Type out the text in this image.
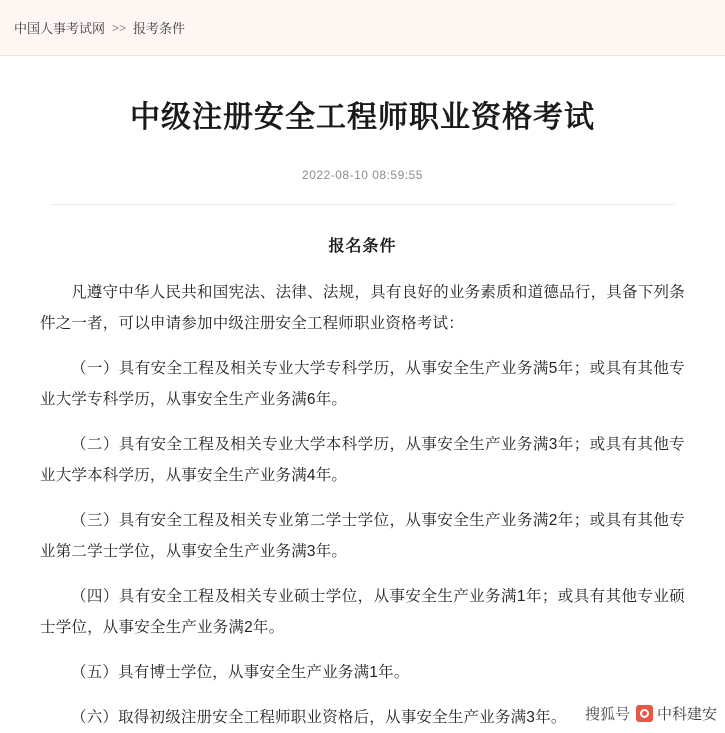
中国人事考试网 >> 报考条件
中级注册安全工程师职业资格考试
2022-08-10 08:59:55
报名条件

凡遵守中华人民共和国宪法、法律、法规，具有良好的业务素质和道德品行，具备下列条件之一者，可以申请参加中级注册安全工程师职业资格考试：

（一）具有安全工程及相关专业大学专科学历，从事安全生产业务满5年；或具有其他专业大学专科学历，从事安全生产业务满6年。

（二）具有安全工程及相关专业大学本科学历，从事安全生产业务满3年；或具有其他专业大学本科学历，从事安全生产业务满4年。

（三）具有安全工程及相关专业第二学士学位，从事安全生产业务满2年；或具有其他专业第二学士学位，从事安全生产业务满3年。

（四）具有安全工程及相关专业硕士学位，从事安全生产业务满1年；或具有其他专业硕士学位，从事安全生产业务满2年。

（五）具有博士学位，从事安全生产业务满1年。

（六）取得初级注册安全工程师职业资格后，从事安全生产业务满3年。	搜狐号 中科建安
